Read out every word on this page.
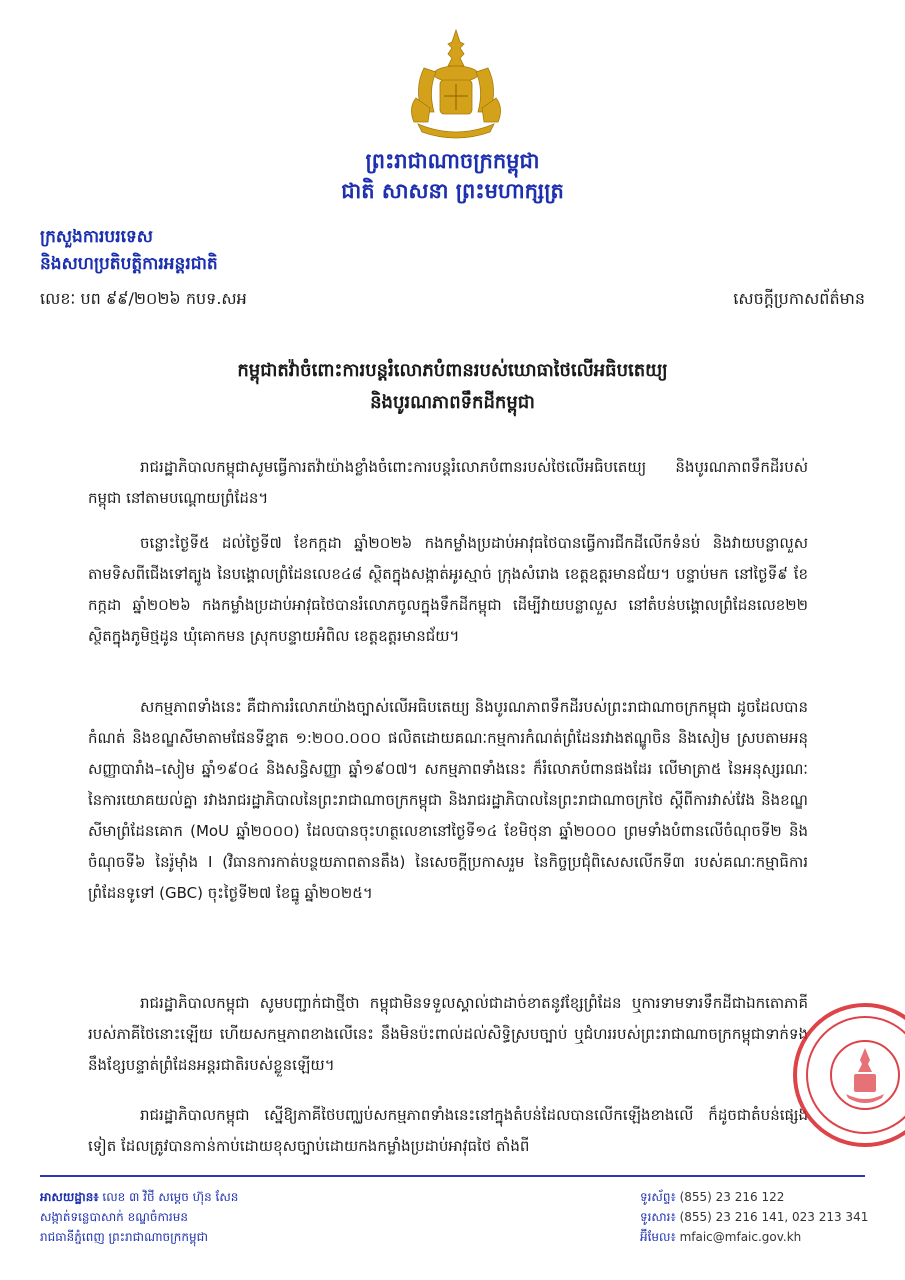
ព្រះរាជាណាចក្រកម្ពុជា
ជាតិ សាសនា ព្រះមហាក្សត្រ
ក្រសួងការបរទេស
និងសហប្រតិបត្តិការអន្តរជាតិ
លេខៈ បព ៩៩/២០២៦ កបទ.សអ	សេចក្តីប្រកាសព័ត៌មាន
កម្ពុជាតវ៉ាចំពោះការបន្តរំលោភបំពានរបស់ឃោធាថៃលើអធិបតេយ្យ
និងបូរណភាពទឹកដីកម្ពុជា

រាជរដ្ឋាភិបាលកម្ពុជាសូមធ្វើការតវ៉ាយ៉ាងខ្លាំងចំពោះការបន្តរំលោភបំពានរបស់ថៃលើអធិបតេយ្យ និងបូរណភាពទឹកដីរបស់កម្ពុជា នៅតាមបណ្តោយព្រំដែន។

ចន្លោះថ្ងៃទី៥ ដល់ថ្ងៃទី៧ ខែកក្កដា ឆ្នាំ២០២៦ កងកម្លាំងប្រដាប់អាវុធថៃបានធ្វើការជីកដីលើកទំនប់ និងវាយបន្លាលួស តាមទិសពីជើងទៅត្បូង នៃបង្គោលព្រំដែនលេខ៤៨ ស្ថិតក្នុងសង្កាត់អូរស្មាច់ ក្រុងសំរោង ខេត្តឧត្តរមានជ័យ។ បន្ទាប់មក នៅថ្ងៃទី៩ ខែកក្កដា ឆ្នាំ២០២៦ កងកម្លាំងប្រដាប់អាវុធថៃបានរំលោភចូលក្នុងទឹកដីកម្ពុជា ដើម្បីវាយបន្លាលួស នៅតំបន់បង្គោលព្រំដែនលេខ២២ ស្ថិតក្នុងភូមិថ្មដូន ឃុំគោកមន ស្រុកបន្ទាយអំពិល ខេត្តឧត្តរមានជ័យ។

សកម្មភាពទាំងនេះ គឺជាការរំលោភយ៉ាងច្បាស់លើអធិបតេយ្យ និងបូរណភាពទឹកដីរបស់ព្រះរាជាណាចក្រកម្ពុជា ដូចដែលបានកំណត់ និងខណ្ឌសីមាតាមផែនទីខ្នាត ១:២០០.០០០ ផលិតដោយគណៈកម្មការកំណត់ព្រំដែនរវាងឥណ្ឌូចិន និងសៀម ស្របតាមអនុសញ្ញាបារាំង–សៀម ឆ្នាំ១៩០៤ និងសន្ធិសញ្ញា ឆ្នាំ១៩០៧។ សកម្មភាពទាំងនេះ ក៏រំលោភបំពានផងដែរ លើមាត្រា៥ នៃអនុស្សរណៈនៃការយោគយល់គ្នា រវាងរាជរដ្ឋាភិបាលនៃព្រះរាជាណាចក្រកម្ពុជា និងរាជរដ្ឋាភិបាលនៃព្រះរាជាណាចក្រថៃ ស្តីពីការវាស់វែង និងខណ្ឌសីមាព្រំដែនគោក (MoU ឆ្នាំ២០០០) ដែលបានចុះហត្ថលេខានៅថ្ងៃទី១៤ ខែមិថុនា ឆ្នាំ២០០០ ព្រមទាំងបំពានលើចំណុចទី២ និងចំណុចទី៦ នៃរ៉ូម៉ាំង I (វិធានការកាត់បន្ថយភាពតានតឹង) នៃសេចក្តីប្រកាសរួម នៃកិច្ចប្រជុំពិសេសលើកទី៣ របស់គណៈកម្មាធិការព្រំដែនទូទៅ (GBC) ចុះថ្ងៃទី២៧ ខែធ្នូ ឆ្នាំ២០២៥។

រាជរដ្ឋាភិបាលកម្ពុជា សូមបញ្ជាក់ជាថ្មីថា កម្ពុជាមិនទទួលស្គាល់ជាដាច់ខាតនូវខ្សែព្រំដែន ឬការទាមទារទឹកដីជាឯកតោភាគីរបស់ភាគីថៃនោះឡើយ ហើយសកម្មភាពខាងលើនេះ នឹងមិនប៉ះពាល់ដល់សិទ្ធិស្របច្បាប់ ឬជំហររបស់ព្រះរាជាណាចក្រកម្ពុជាទាក់ទងនឹងខ្សែបន្ទាត់ព្រំដែនអន្តរជាតិរបស់ខ្លួនឡើយ។

រាជរដ្ឋាភិបាលកម្ពុជា ស្នើឱ្យភាគីថៃបញ្ឈប់សកម្មភាពទាំងនេះនៅក្នុងតំបន់ដែលបានលើកឡើងខាងលើ ក៏ដូចជាតំបន់ផ្សេងទៀត ដែលត្រូវបានកាន់កាប់ដោយខុសច្បាប់ដោយកងកម្លាំងប្រដាប់អាវុធថៃ តាំងពី

អាសយដ្ឋាន៖ លេខ ៣ វិថី សម្តេច ហ៊ុន សែន
សង្កាត់ទន្លេបាសាក់ ខណ្ឌចំការមន
រាជធានីភ្នំពេញ ព្រះរាជាណាចក្រកម្ពុជា
ទូរស័ព្ទ៖ (855) 23 216 122
ទូរសារ៖ (855) 23 216 141, 023 213 341
អ៊ីមែល៖ mfaic@mfaic.gov.kh
